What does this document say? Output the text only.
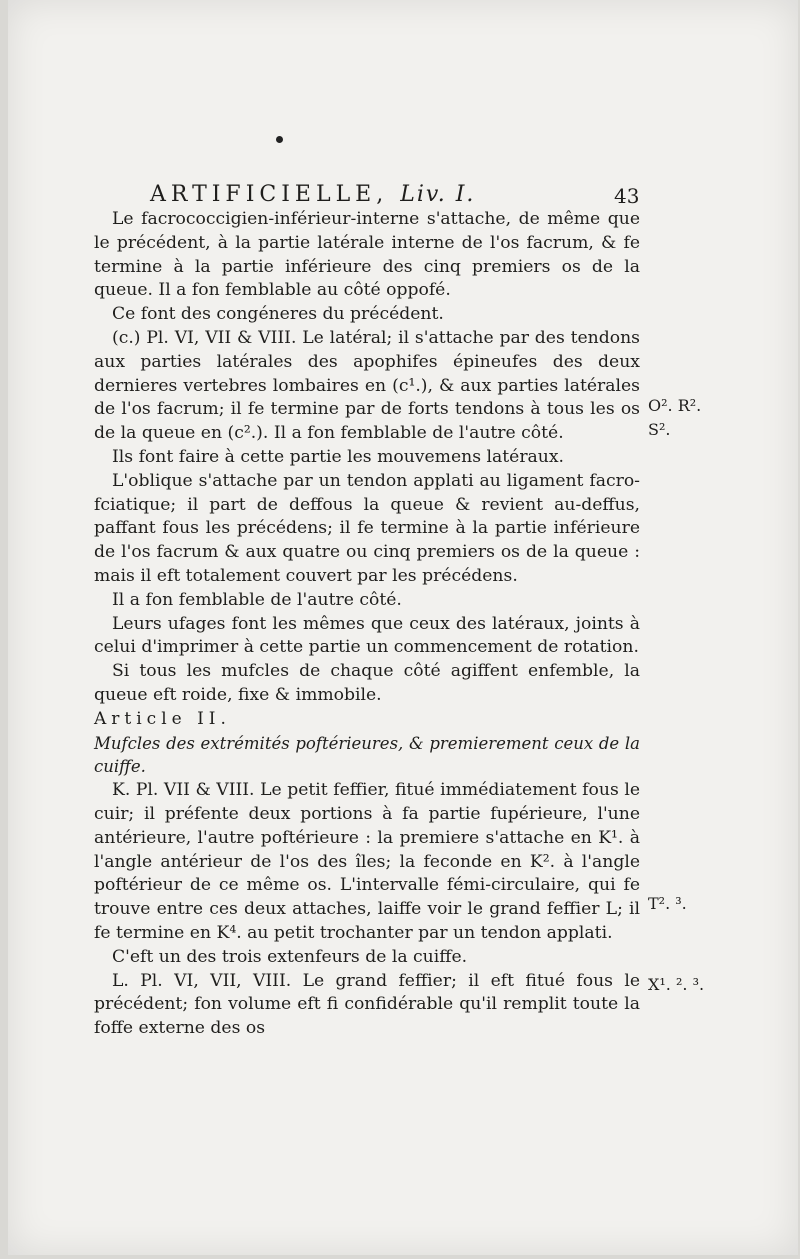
ARTIFICIELLE, Liv. I.	43

Le facrococcigien-inférieur-interne s'attache, de même que le précédent, à la partie latérale interne de l'os facrum, & fe termine à la partie inférieure des cinq premiers os de la queue. Il a fon femblable au côté oppofé.

Ce font des congéneres du précédent.

(c.) Pl. VI, VII & VIII. Le latéral; il s'attache par des tendons aux parties latérales des apophifes épineufes des deux dernieres vertebres lombaires en (c¹.), & aux parties latérales de l'os facrum; il fe termine par de forts tendons à tous les os de la queue en (c².). Il a fon femblable de l'autre côté.

Ils font faire à cette partie les mouvemens latéraux.

L'oblique s'attache par un tendon applati au ligament facro-fciatique; il part de deffous la queue & revient au-deffus, paffant fous les précédens; il fe termine à la partie inférieure de l'os facrum & aux quatre ou cinq premiers os de la queue : mais il eft totalement couvert par les précédens.

Il a fon femblable de l'autre côté.

Leurs ufages font les mêmes que ceux des latéraux, joints à celui d'imprimer à cette partie un commencement de rotation.

Si tous les mufcles de chaque côté agiffent enfemble, la queue eft roide, fixe & immobile.

Article II.

Mufcles des extrémités poftérieures, & premierement ceux de la cuiffe.

K. Pl. VII & VIII. Le petit feffier, fitué immédiatement fous le cuir; il préfente deux portions à fa partie fupérieure, l'une antérieure, l'autre poftérieure : la premiere s'attache en K¹. à l'angle antérieur de l'os des îles; la feconde en K². à l'angle poftérieur de ce même os. L'intervalle fémi-circulaire, qui fe trouve entre ces deux attaches, laiffe voir le grand feffier L; il fe termine en K⁴. au petit trochanter par un tendon applati.

C'eft un des trois extenfeurs de la cuiffe.

L. Pl. VI, VII, VIII. Le grand feffier; il eft fitué fous le précédent; fon volume eft fi confidérable qu'il remplit toute la foffe externe des os

O². R².
S².
T². ³.
X¹. ². ³.
